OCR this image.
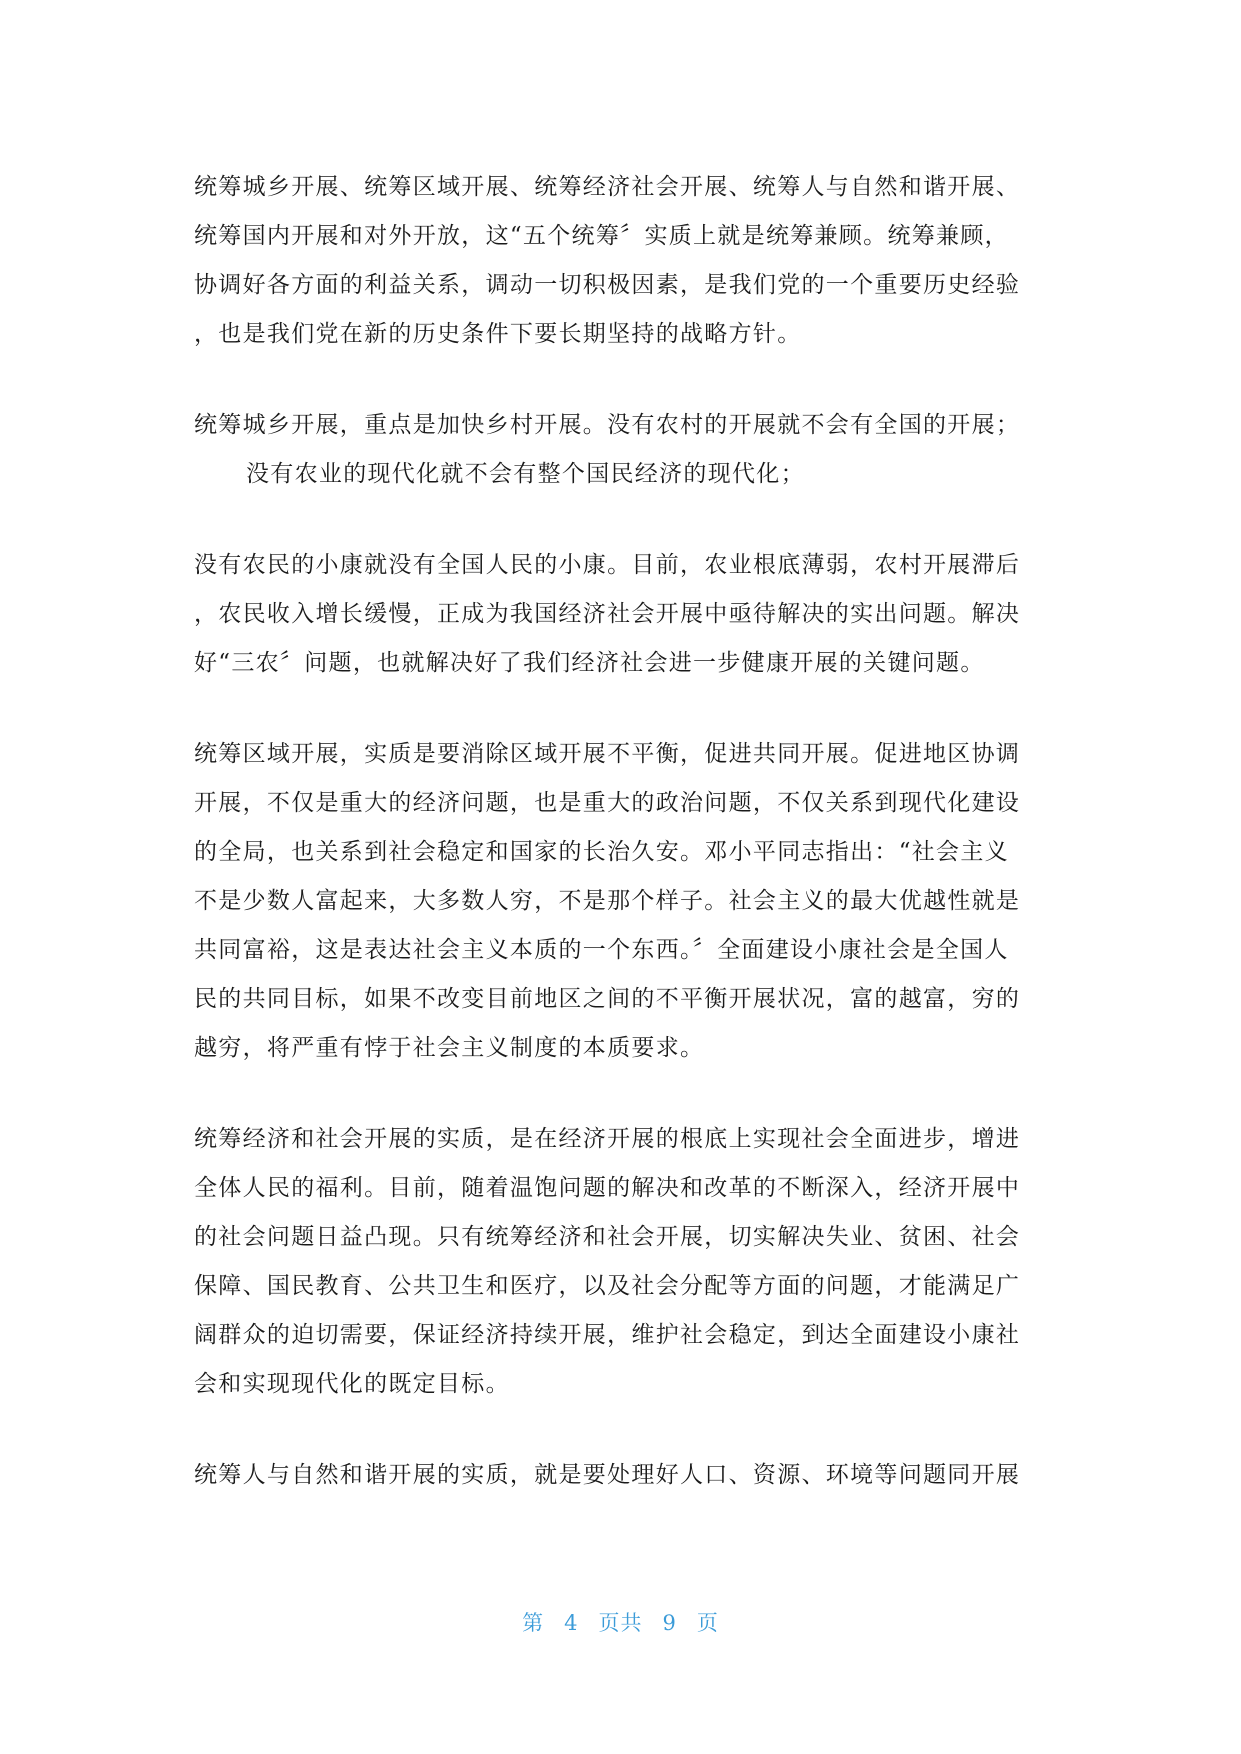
统筹城乡开展、统筹区域开展、统筹经济社会开展、统筹人与自然和谐开展、
统筹国内开展和对外开放，这“五个统筹〞实质上就是统筹兼顾。统筹兼顾，
协调好各方面的利益关系，调动一切积极因素，是我们党的一个重要历史经验
，也是我们党在新的历史条件下要长期坚持的战略方针。
统筹城乡开展，重点是加快乡村开展。没有农村的开展就不会有全国的开展；
没有农业的现代化就不会有整个国民经济的现代化；
没有农民的小康就没有全国人民的小康。目前，农业根底薄弱，农村开展滞后
，农民收入增长缓慢，正成为我国经济社会开展中亟待解决的实出问题。解决
好“三农〞问题，也就解决好了我们经济社会进一步健康开展的关键问题。
统筹区域开展，实质是要消除区域开展不平衡，促进共同开展。促进地区协调
开展，不仅是重大的经济问题，也是重大的政治问题，不仅关系到现代化建设
的全局，也关系到社会稳定和国家的长治久安。邓小平同志指出：“社会主义
不是少数人富起来，大多数人穷，不是那个样子。社会主义的最大优越性就是
共同富裕，这是表达社会主义本质的一个东西。〞全面建设小康社会是全国人
民的共同目标，如果不改变目前地区之间的不平衡开展状况，富的越富，穷的
越穷，将严重有悖于社会主义制度的本质要求。
统筹经济和社会开展的实质，是在经济开展的根底上实现社会全面进步，增进
全体人民的福利。目前，随着温饱问题的解决和改革的不断深入，经济开展中
的社会问题日益凸现。只有统筹经济和社会开展，切实解决失业、贫困、社会
保障、国民教育、公共卫生和医疗，以及社会分配等方面的问题，才能满足广
阔群众的迫切需要，保证经济持续开展，维护社会稳定，到达全面建设小康社
会和实现现代化的既定目标。
统筹人与自然和谐开展的实质，就是要处理好人口、资源、环境等问题同开展
第 4 页共 9 页
